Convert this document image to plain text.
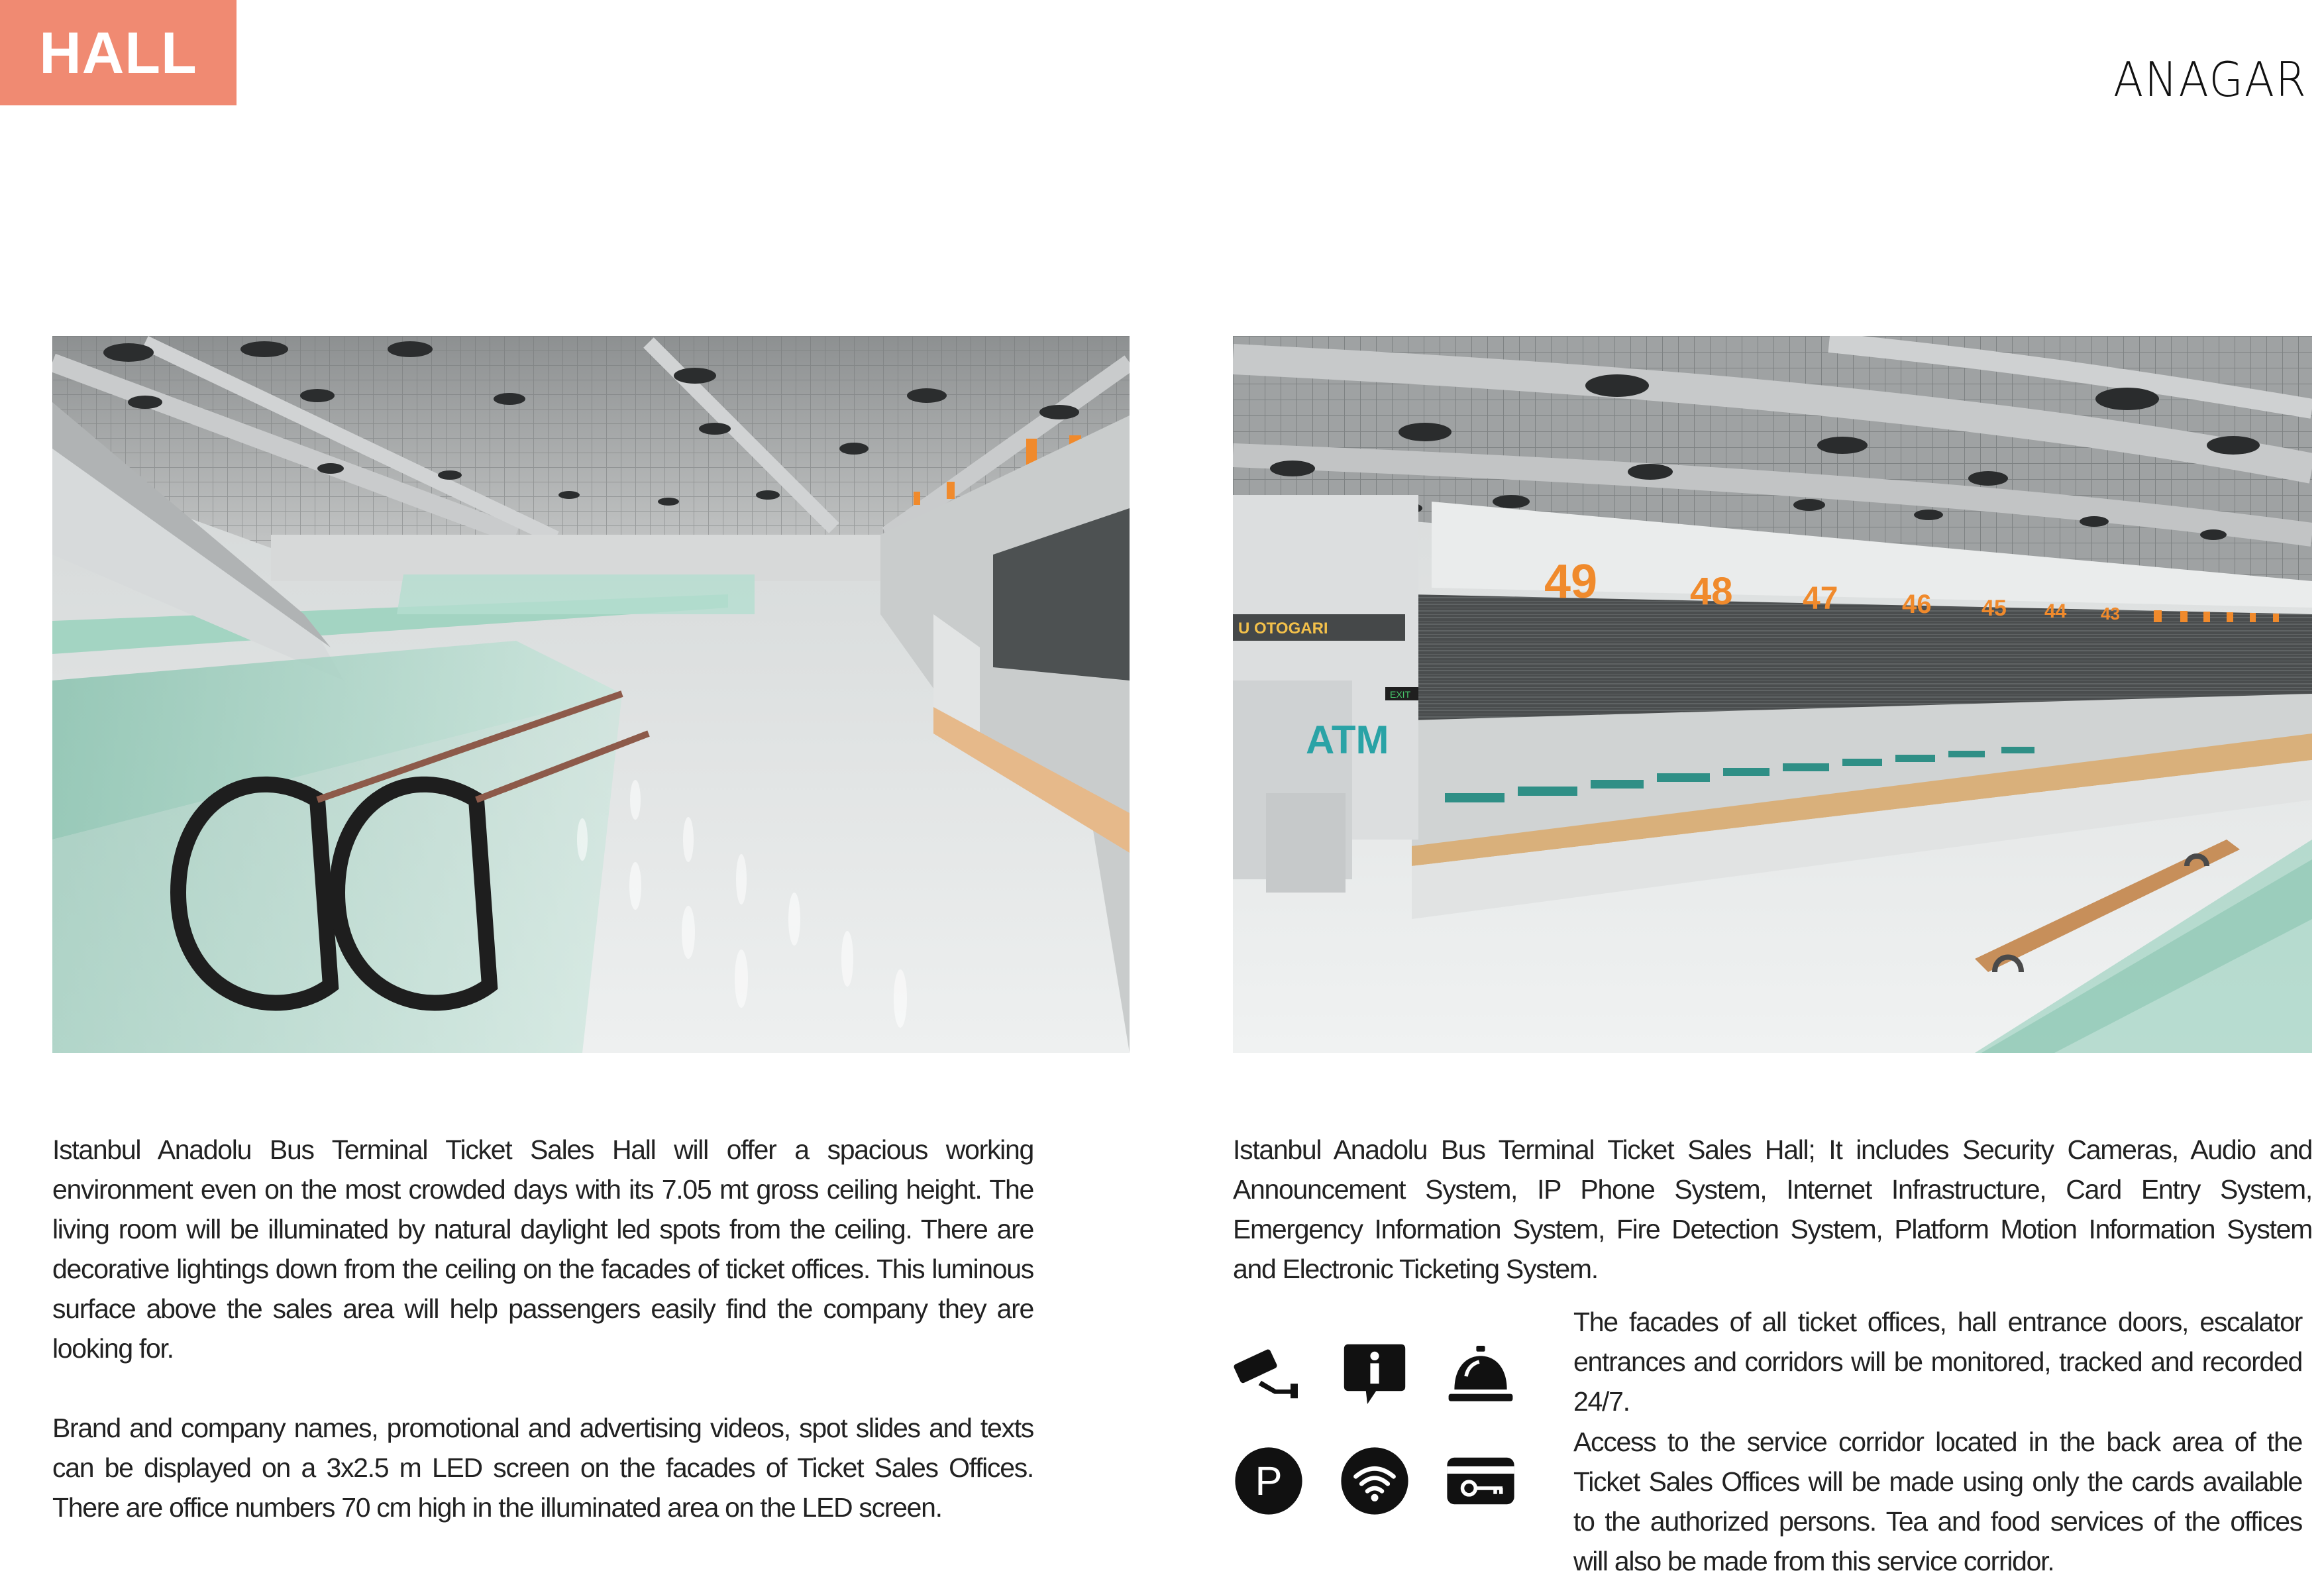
HALL	ANAGAR
U OTOGARI
ATM
EXIT
49 48 47 46 45 44 43

Istanbul Anadolu Bus Terminal Ticket Sales Hall will offer a spacious working environment even on the most crowded days with its 7.05 mt gross ceiling height. The living room will be illuminated by natural daylight led spots from the ceiling. There are decorative lightings down from the ceiling on the facades of ticket offices. This luminous surface above the sales area will help passengers easily find the company they are looking for.

Brand and company names, promotional and advertising videos, spot slides and texts can be displayed on a 3x2.5 m LED screen on the facades of Ticket Sales Offices. There are office numbers 70 cm high in the illuminated area on the LED screen.

Istanbul Anadolu Bus Terminal Ticket Sales Hall; It includes Security Cameras, Audio and Announcement System, IP Phone System, Internet Infrastructure, Card Entry System, Emergency Information System, Fire Detection System, Platform Motion Information System and Electronic Ticketing System.

The facades of all ticket offices, hall entrance doors, escalator entrances and corridors will be monitored, tracked and recorded 24/7.

Access to the service corridor located in the back area of the Ticket Sales Offices will be made using only the cards available to the authorized persons. Tea and food services of the offices will also be made from this service corridor.

P
